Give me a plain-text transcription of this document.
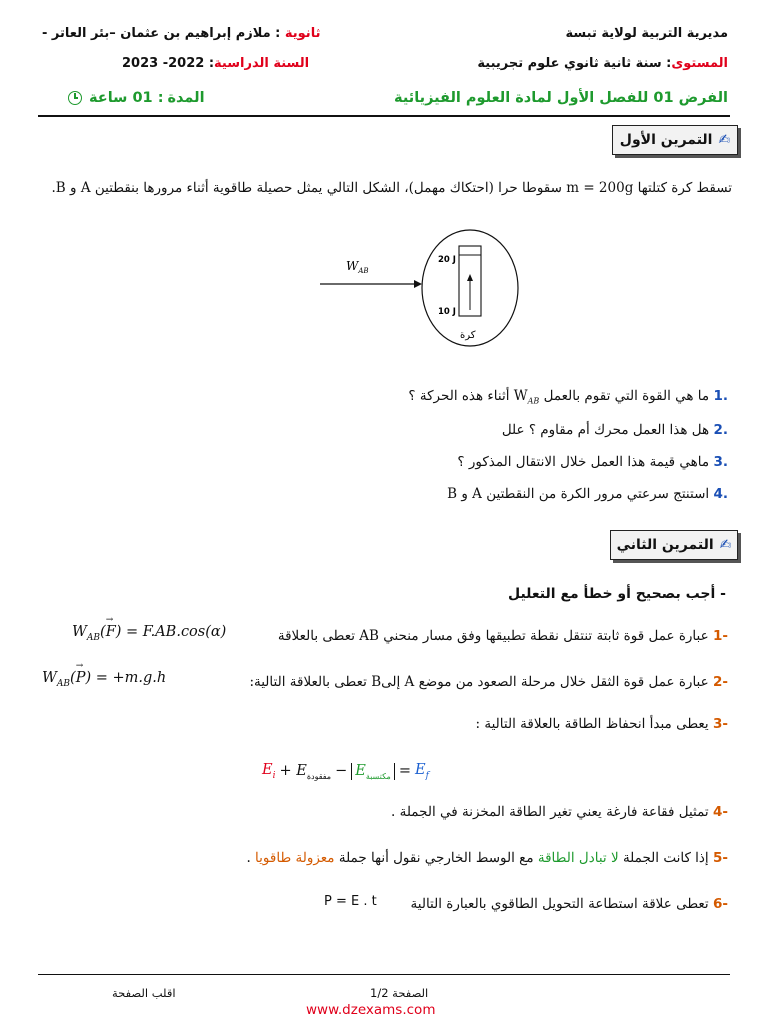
مديرية التربية لولاية تبسة
ثانوية : ملازم إبراهيم بن عثمان –بئر العاتر -
المستوى: سنة ثانية ثانوي علوم تجريبية
السنة الدراسية: 2022- 2023
الفرض 01 للفصل الأول لمادة العلوم الفيزيائية
المدة
: 01 ساعة
✍
التمرين الأول
تسقط كرة كتلتها m = 200g سقوطا حرا (احتكاك مهمل)، الشكل التالي يمثل حصيلة طاقوية أثناء مرورها بنقطتين A و B.
$W_{AB}$
20 J
10 J
كرة
.1 ما هي القوة التي تقوم بالعمل $W_{AB}$ أثناء هذه الحركة ؟
.2 هل هذا العمل محرك أم مقاوم ؟ علل
.3 ماهي قيمة هذا العمل خلال الانتقال المذكور ؟
.4 استنتج سرعتي مرور الكرة من النقطتين A و B
✍
التمرين الثاني
- أجب بصحيح أو خطأ مع التعليل
-1 عبارة عمل قوة ثابتة تنتقل نقطة تطبيقها وفق مسار منحني AB تعطى بالعلاقة
$W_{AB}(F$
→
) = F.AB.cos(α)
-2 عبارة عمل قوة الثقل خلال مرحلة الصعود من موضع A إلىB تعطى بالعلاقة التالية:
$W_{AB}(P$
→
) = +m.g.h
-3 يعطى مبدأ انحفاظ الطاقة بالعلاقة التالية :
$E_i + E_{مفقودة} - E_{مكتسبة} = E_f$
-4 تمثيل فقاعة فارغة يعني تغير الطاقة المخزنة في الجملة .
-5 إذا كانت الجملة لا تبادل الطاقة مع الوسط الخارجي نقول أنها جملة معزولة طاقويا .
-6 تعطى علاقة استطاعة التحويل الطاقوي بالعبارة التالية
P = E . t
الصفحة 1/2
اقلب الصفحة
www.dzexams.com
